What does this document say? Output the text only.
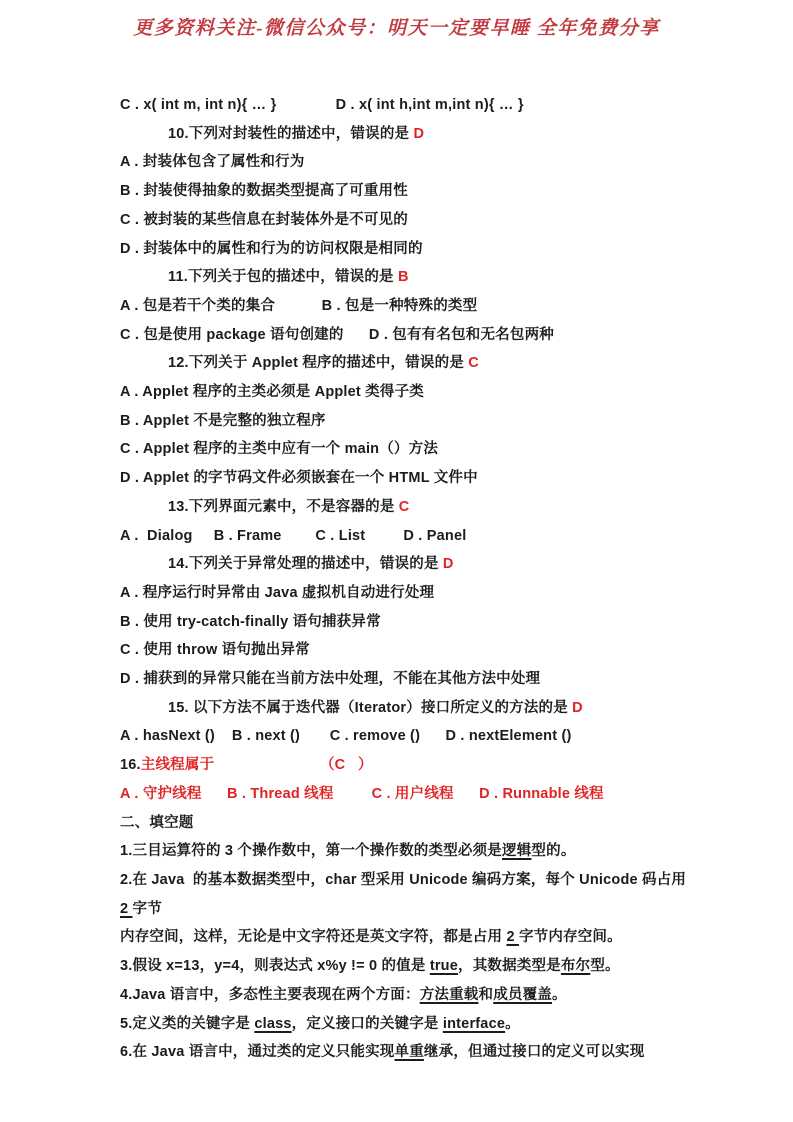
更多资料关注-微信公众号：明天一定要早睡 全年免费分享
C . x( int m, int n){ … }              D . x( int h,int m,int n){ … }
10.下列对封装性的描述中，错误的是 D
A . 封装体包含了属性和行为
B . 封装使得抽象的数据类型提高了可重用性
C . 被封装的某些信息在封装体外是不可见的
D . 封装体中的属性和行为的访问权限是相同的
11.下列关于包的描述中，错误的是 B
A . 包是若干个类的集合           B . 包是一种特殊的类型
C . 包是使用 package 语句创建的      D . 包有有名包和无名包两种
12.下列关于 Applet 程序的描述中，错误的是 C
A . Applet 程序的主类必须是 Applet 类得子类
B . Applet 不是完整的独立程序
C . Applet 程序的主类中应有一个 main（）方法
D . Applet 的字节码文件必须嵌套在一个 HTML 文件中
13.下列界面元素中，不是容器的是 C
A .  Dialog     B . Frame        C . List         D . Panel
14.下列关于异常处理的描述中，错误的是 D
A . 程序运行时异常由 Java 虚拟机自动进行处理
B . 使用 try-catch-finally 语句捕获异常
C . 使用 throw 语句抛出异常
D . 捕获到的异常只能在当前方法中处理，不能在其他方法中处理
15. 以下方法不属于迭代器（Iterator）接口所定义的方法的是 D
A . hasNext ()    B . next ()       C . remove ()      D . nextElement ()
16.主线程属于	（C   ）
A . 守护线程      B . Thread 线程         C . 用户线程      D . Runnable 线程
二、填空题
1.三目运算符的 3 个操作数中，第一个操作数的类型必须是逻辑型的。
2.在 Java  的基本数据类型中，char 型采用 Unicode 编码方案，每个 Unicode 码占用 2 字节
内存空间，这样，无论是中文字符还是英文字符，都是占用 2 字节内存空间。
3.假设 x=13，y=4，则表达式 x%y != 0 的值是 true，其数据类型是布尔型。
4.Java 语言中，多态性主要表现在两个方面：方法重载和成员覆盖。
5.定义类的关键字是 class，定义接口的关键字是 interface。
6.在 Java 语言中，通过类的定义只能实现单重继承，但通过接口的定义可以实现
